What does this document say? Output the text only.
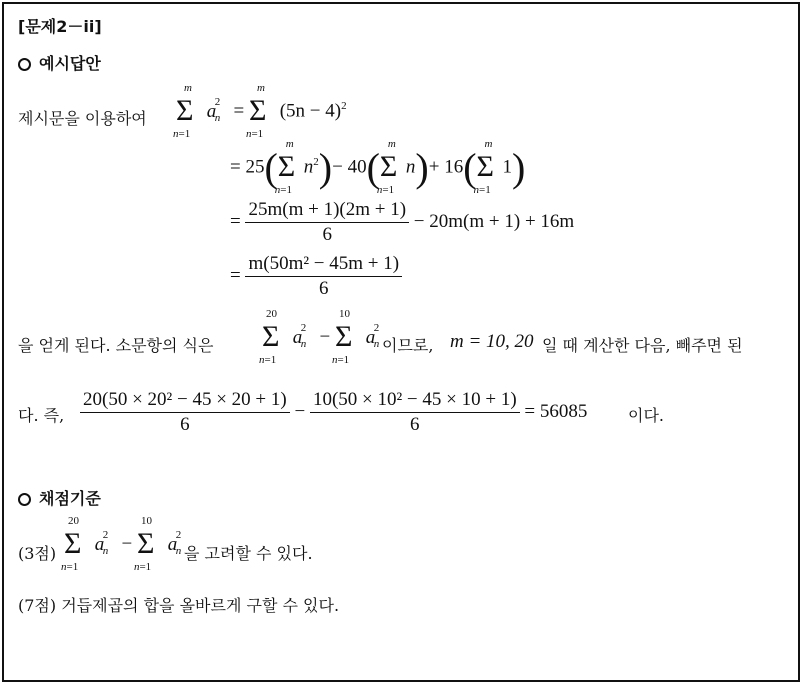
[문제2－ii]
예시답안
제시문을 이용하여 Σ
m
n=1
a
2
n = Σ
m
n=1
$(5n - 4)^2$
= 25( Σ
m
n=1
$n^2)- 40$( Σ
m
n=1
n)+ 16( Σ
m
n=1
1)
= $\frac{25m(m + 1)(2m + 1)}{6} - 20m(m + 1) + 16m$
= $\frac{\text{m(50m² − 45m + 1)}}{6}$
을 얻게 된다. 소문항의 식은 Σ
20
n=1
a
2
n − Σ
10
n=1
a
2
n 이므로, m = 10, 20 일 때 계산한 다음, 빼주면 된
다. 즉, $\frac{\text{20(50 × 20² − 45 × 20 + 1)}}{6} - \frac{\text{10(50 × 10² − 45 × 10 + 1)}}{6} = 56085$	이다.
채점기준
(3점) Σ
20
n=1
a
2
n − Σ
10
n=1
a
2
n 을 고려할 수 있다.
(7점) 거듭제곱의 합을 올바르게 구할 수 있다.
